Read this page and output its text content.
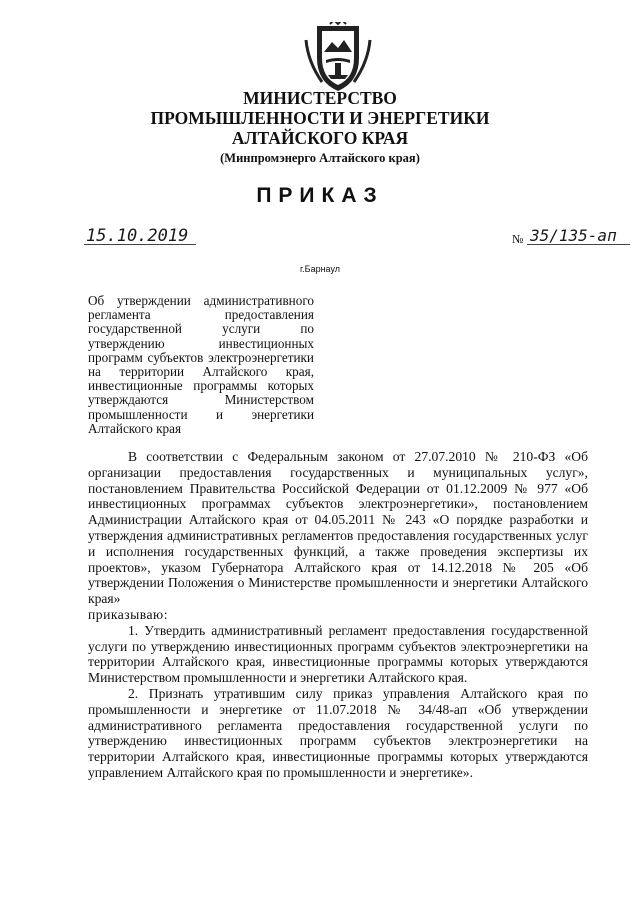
МИНИСТЕРСТВО
ПРОМЫШЛЕННОСТИ И ЭНЕРГЕТИКИ
АЛТАЙСКОГО КРАЯ
(Минпромэнерго Алтайского края)
ПРИКАЗ
15.10.2019	№ 35/135-ап
г.Барнаул
Об утверждении административного регламента предоставления государственной услуги по утверждению инвестиционных программ субъектов электроэнергетики на территории Алтайского края, инвестиционные программы которых утверждаются Министерством промышленности и энергетики Алтайского края

В соответствии с Федеральным законом от 27.07.2010 № 210-ФЗ «Об организации предоставления государственных и муниципальных услуг», постановлением Правительства Российской Федерации от 01.12.2009 № 977 «Об инвестиционных программах субъектов электроэнергетики», постановлением Администрации Алтайского края от 04.05.2011 № 243 «О порядке разработки и утверждения административных регламентов предоставления государственных услуг и исполнения государственных функций, а также проведения экспертизы их проектов», указом Губернатора Алтайского края от 14.12.2018 № 205 «Об утверждении Положения о Министерстве промышленности и энергетики Алтайского края»

приказываю:

1. Утвердить административный регламент предоставления государственной услуги по утверждению инвестиционных программ субъектов электроэнергетики на территории Алтайского края, инвестиционные программы которых утверждаются Министерством промышленности и энергетики Алтайского края.

2. Признать утратившим силу приказ управления Алтайского края по промышленности и энергетике от 11.07.2018 № 34/48-ап «Об утверждении административного регламента предоставления государственной услуги по утверждению инвестиционных программ субъектов электроэнергетики на территории Алтайского края, инвестиционные программы которых утверждаются управлением Алтайского края по промышленности и энергетике».
